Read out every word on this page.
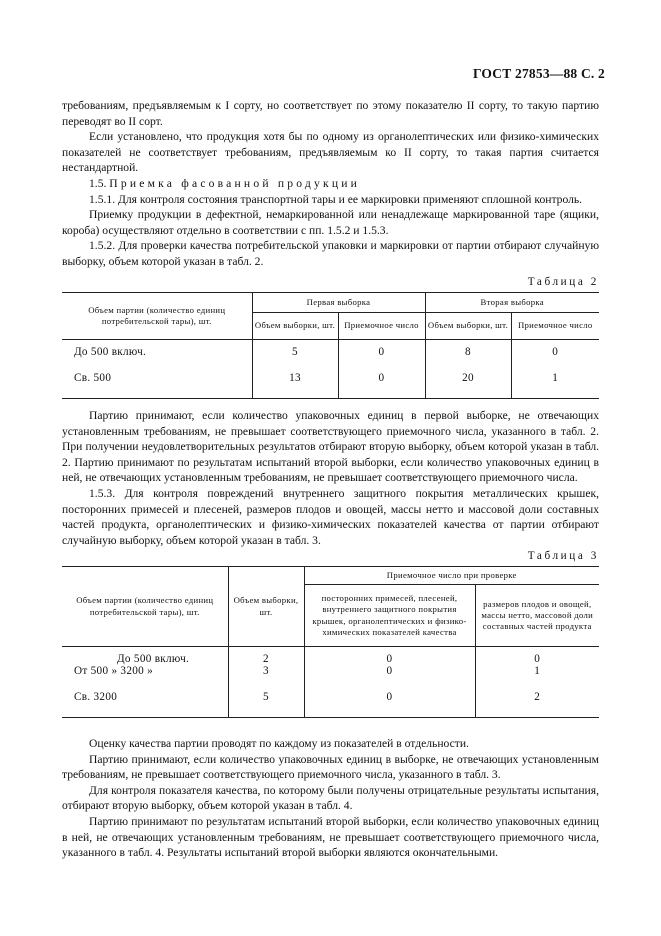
ГОСТ 27853—88 С. 2

требованиям, предъявляемым к I сорту, но соответствует по этому показателю II сорту, то такую партию переводят во II сорт.

Если установлено, что продукция хотя бы по одному из органолептических или физико-химических показателей не соответствует требованиям, предъявляемым ко II сорту, то такая партия считается нестандартной.

1.5. Приемка фасованной продукции

1.5.1. Для контроля состояния транспортной тары и ее маркировки применяют сплошной контроль.

Приемку продукции в дефектной, немаркированной или ненадлежаще маркированной таре (ящики, короба) осуществляют отдельно в соответствии с пп. 1.5.2 и 1.5.3.

1.5.2. Для проверки качества потребительской упаковки и маркировки от партии отбирают случайную выборку, объем которой указан в табл. 2.

Таблица 2
Объем партии (количество единиц потребительской тары), шт.	Первая выборка		Вторая выборка	
	Объем выборки, шт.	Приемочное число	Объем выборки, шт.	Приемочное число
До 500 включ.	5	0	8	0
Св. 500	13	0	20	1

Партию принимают, если количество упаковочных единиц в первой выборке, не отвечающих установленным требованиям, не превышает соответствующего приемочного числа, указанного в табл. 2. При получении неудовлетворительных результатов отбирают вторую выборку, объем которой указан в табл. 2. Партию принимают по результатам испытаний второй выборки, если количество упаковочных единиц в ней, не отвечающих установленным требованиям, не превышает соответствующего приемочного числа.

1.5.3. Для контроля повреждений внутреннего защитного покрытия металлических крышек, посторонних примесей и плесеней, размеров плодов и овощей, массы нетто и массовой доли составных частей продукта, органолептических и физико-химических показателей качества от партии отбирают случайную выборку, объем которой указан в табл. 3.

Таблица 3
Объем партии (количество единиц потребительской тары), шт.	Объем выборки, шт.	Приемочное число при проверке	
		посторонних примесей, плесеней, внутреннего защитного покрытия крышек, органолептических и физико-химических показателей качества	размеров плодов и овощей, массы нетто, массовой доли составных частей продукта
До 500 включ.	2	0	0
От 500 » 3200 »	3	0	1
Св. 3200	5	0	2

Оценку качества партии проводят по каждому из показателей в отдельности.

Партию принимают, если количество упаковочных единиц в выборке, не отвечающих установленным требованиям, не превышает соответствующего приемочного числа, указанного в табл. 3.

Для контроля показателя качества, по которому были получены отрицательные результаты испытания, отбирают вторую выборку, объем которой указан в табл. 4.

Партию принимают по результатам испытаний второй выборки, если количество упаковочных единиц в ней, не отвечающих установленным требованиям, не превышает соответствующего приемочного числа, указанного в табл. 4. Результаты испытаний второй выборки являются окончательными.
